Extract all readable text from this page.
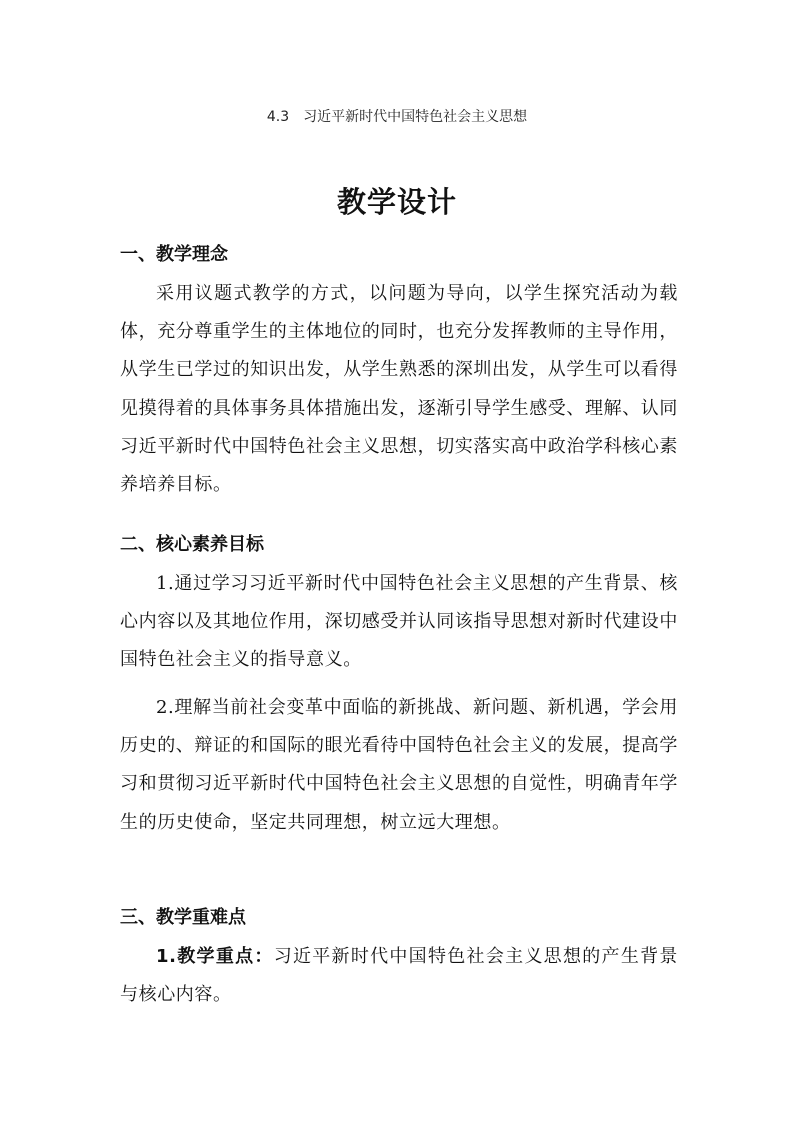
4.3 习近平新时代中国特色社会主义思想
教学设计
一、教学理念

采用议题式教学的方式，以问题为导向，以学生探究活动为载体，充分尊重学生的主体地位的同时，也充分发挥教师的主导作用，从学生已学过的知识出发，从学生熟悉的深圳出发，从学生可以看得见摸得着的具体事务具体措施出发，逐渐引导学生感受、理解、认同习近平新时代中国特色社会主义思想，切实落实高中政治学科核心素养培养目标。

二、核心素养目标

1.通过学习习近平新时代中国特色社会主义思想的产生背景、核心内容以及其地位作用，深切感受并认同该指导思想对新时代建设中国特色社会主义的指导意义。

2.理解当前社会变革中面临的新挑战、新问题、新机遇，学会用历史的、辩证的和国际的眼光看待中国特色社会主义的发展，提高学习和贯彻习近平新时代中国特色社会主义思想的自觉性，明确青年学生的历史使命，坚定共同理想，树立远大理想。

三、教学重难点

1.教学重点：习近平新时代中国特色社会主义思想的产生背景与核心内容。
